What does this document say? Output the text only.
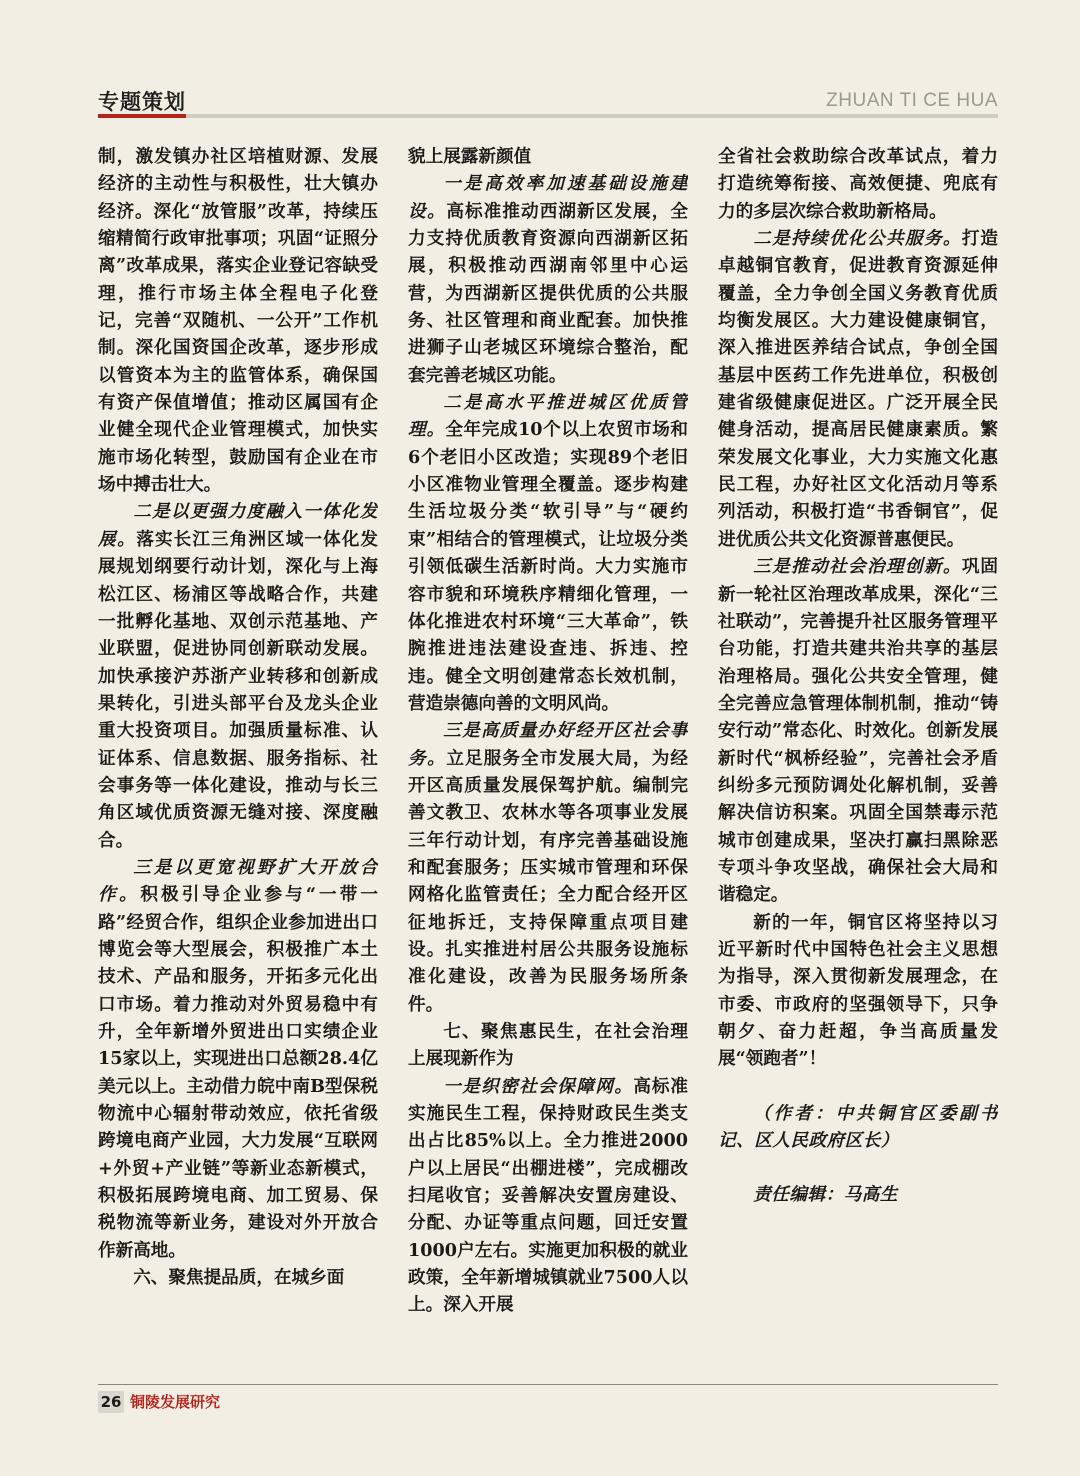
专题策划	ZHUAN TI CE HUA

制，激发镇办社区培植财源、发展经济的主动性与积极性，壮大镇办经济。深化“放管服”改革，持续压缩精简行政审批事项；巩固“证照分离”改革成果，落实企业登记容缺受理，推行市场主体全程电子化登记，完善“双随机、一公开”工作机制。深化国资国企改革，逐步形成以管资本为主的监管体系，确保国有资产保值增值；推动区属国有企业健全现代企业管理模式，加快实施市场化转型，鼓励国有企业在市场中搏击壮大。

二是以更强力度融入一体化发展。落实长江三角洲区域一体化发展规划纲要行动计划，深化与上海松江区、杨浦区等战略合作，共建一批孵化基地、双创示范基地、产业联盟，促进协同创新联动发展。加快承接沪苏浙产业转移和创新成果转化，引进头部平台及龙头企业重大投资项目。加强质量标准、认证体系、信息数据、服务指标、社会事务等一体化建设，推动与长三角区域优质资源无缝对接、深度融合。

三是以更宽视野扩大开放合作。积极引导企业参与“一带一路”经贸合作，组织企业参加进出口博览会等大型展会，积极推广本土技术、产品和服务，开拓多元化出口市场。着力推动对外贸易稳中有升，全年新增外贸进出口实绩企业15家以上，实现进出口总额28.4亿美元以上。主动借力皖中南B型保税物流中心辐射带动效应，依托省级跨境电商产业园，大力发展“互联网+外贸+产业链”等新业态新模式，积极拓展跨境电商、加工贸易、保税物流等新业务，建设对外开放合作新高地。

六、聚焦提品质，在城乡面

貌上展露新颜值

一是高效率加速基础设施建设。高标准推动西湖新区发展，全力支持优质教育资源向西湖新区拓展，积极推动西湖南邻里中心运营，为西湖新区提供优质的公共服务、社区管理和商业配套。加快推进狮子山老城区环境综合整治，配套完善老城区功能。

二是高水平推进城区优质管理。全年完成10个以上农贸市场和6个老旧小区改造；实现89个老旧小区准物业管理全覆盖。逐步构建生活垃圾分类“软引导”与“硬约束”相结合的管理模式，让垃圾分类引领低碳生活新时尚。大力实施市容市貌和环境秩序精细化管理，一体化推进农村环境“三大革命”，铁腕推进违法建设查违、拆违、控违。健全文明创建常态长效机制，营造崇德向善的文明风尚。

三是高质量办好经开区社会事务。立足服务全市发展大局，为经开区高质量发展保驾护航。编制完善文教卫、农林水等各项事业发展三年行动计划，有序完善基础设施和配套服务；压实城市管理和环保网格化监管责任；全力配合经开区征地拆迁，支持保障重点项目建设。扎实推进村居公共服务设施标准化建设，改善为民服务场所条件。

七、聚焦惠民生，在社会治理上展现新作为

一是织密社会保障网。高标准实施民生工程，保持财政民生类支出占比85%以上。全力推进2000户以上居民“出棚进楼”，完成棚改扫尾收官；妥善解决安置房建设、分配、办证等重点问题，回迁安置1000户左右。实施更加积极的就业政策，全年新增城镇就业7500人以上。深入开展

全省社会救助综合改革试点，着力打造统筹衔接、高效便捷、兜底有力的多层次综合救助新格局。

二是持续优化公共服务。打造卓越铜官教育，促进教育资源延伸覆盖，全力争创全国义务教育优质均衡发展区。大力建设健康铜官，深入推进医养结合试点，争创全国基层中医药工作先进单位，积极创建省级健康促进区。广泛开展全民健身活动，提高居民健康素质。繁荣发展文化事业，大力实施文化惠民工程，办好社区文化活动月等系列活动，积极打造“书香铜官”，促进优质公共文化资源普惠便民。

三是推动社会治理创新。巩固新一轮社区治理改革成果，深化“三社联动”，完善提升社区服务管理平台功能，打造共建共治共享的基层治理格局。强化公共安全管理，健全完善应急管理体制机制，推动“铸安行动”常态化、时效化。创新发展新时代“枫桥经验”，完善社会矛盾纠纷多元预防调处化解机制，妥善解决信访积案。巩固全国禁毒示范城市创建成果，坚决打赢扫黑除恶专项斗争攻坚战，确保社会大局和谐稳定。

新的一年，铜官区将坚持以习近平新时代中国特色社会主义思想为指导，深入贯彻新发展理念，在市委、市政府的坚强领导下，只争朝夕、奋力赶超，争当高质量发展“领跑者”！

（作者：中共铜官区委副书记、区人民政府区长）

责任编辑：马高生

26 铜陵发展研究
